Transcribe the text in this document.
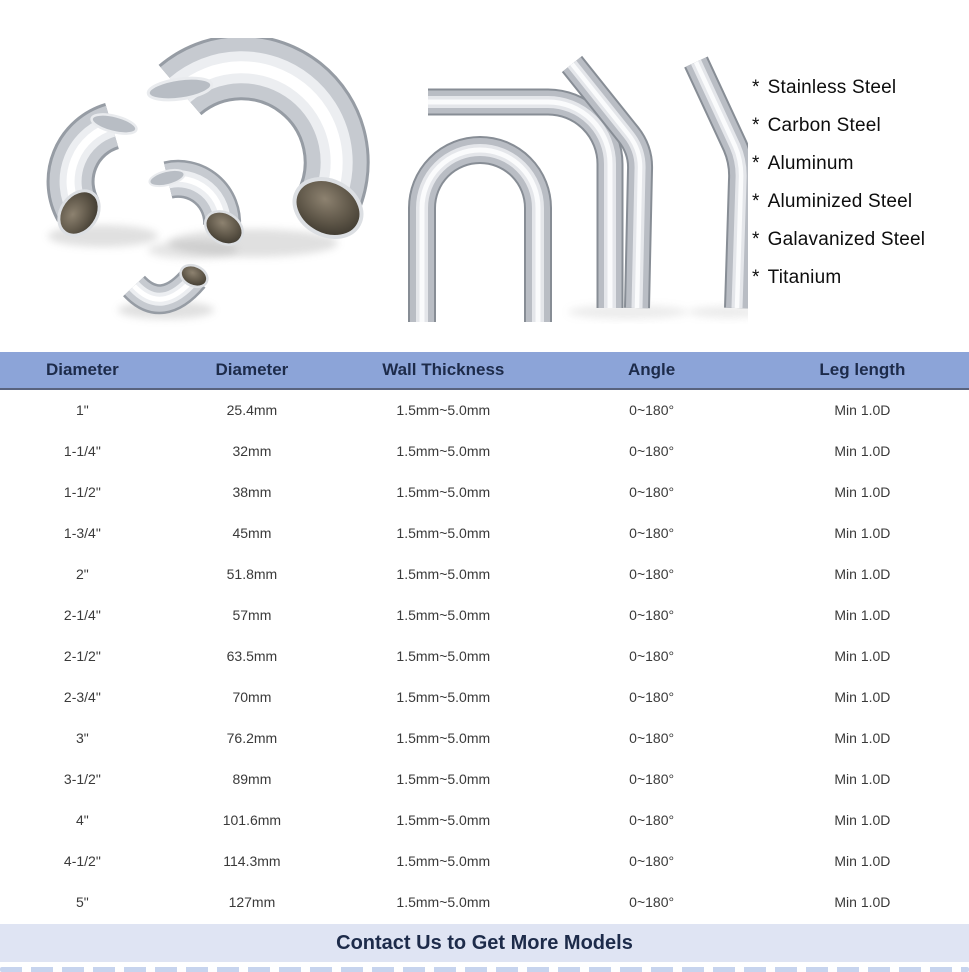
* Stainless Steel
* Carbon Steel
* Aluminum
* Aluminized Steel
* Galavanized Steel
* Titanium
Diameter	Diameter	Wall Thickness	Angle	Leg length
1"	25.4mm	1.5mm~5.0mm	0~180°	Min 1.0D
1-1/4"	32mm	1.5mm~5.0mm	0~180°	Min 1.0D
1-1/2"	38mm	1.5mm~5.0mm	0~180°	Min 1.0D
1-3/4"	45mm	1.5mm~5.0mm	0~180°	Min 1.0D
2"	51.8mm	1.5mm~5.0mm	0~180°	Min 1.0D
2-1/4"	57mm	1.5mm~5.0mm	0~180°	Min 1.0D
2-1/2"	63.5mm	1.5mm~5.0mm	0~180°	Min 1.0D
2-3/4"	70mm	1.5mm~5.0mm	0~180°	Min 1.0D
3"	76.2mm	1.5mm~5.0mm	0~180°	Min 1.0D
3-1/2"	89mm	1.5mm~5.0mm	0~180°	Min 1.0D
4"	101.6mm	1.5mm~5.0mm	0~180°	Min 1.0D
4-1/2"	114.3mm	1.5mm~5.0mm	0~180°	Min 1.0D
5"	127mm	1.5mm~5.0mm	0~180°	Min 1.0D
Contact Us to Get More Models
